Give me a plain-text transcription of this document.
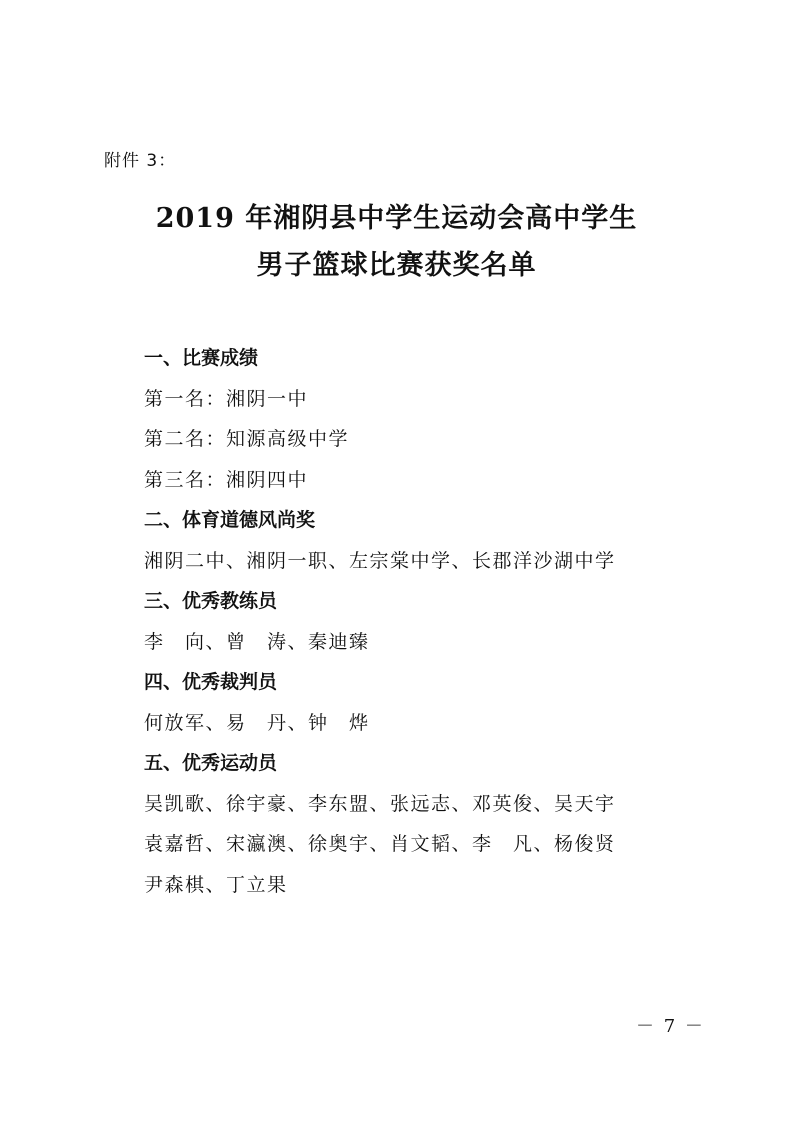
附件 3：
2019 年湘阴县中学生运动会高中学生
男子篮球比赛获奖名单
一、比赛成绩
第一名：湘阴一中
第二名：知源高级中学
第三名：湘阴四中
二、体育道德风尚奖
湘阴二中、湘阴一职、左宗棠中学、长郡洋沙湖中学
三、优秀教练员
李　向、曾　涛、秦迪臻
四、优秀裁判员
何放军、易　丹、钟　烨
五、优秀运动员
吴凯歌、徐宇豪、李东盟、张远志、邓英俊、吴天宇
袁嘉哲、宋瀛澳、徐奥宇、肖文韬、李　凡、杨俊贤
尹森棋、丁立果
－ 7 －
